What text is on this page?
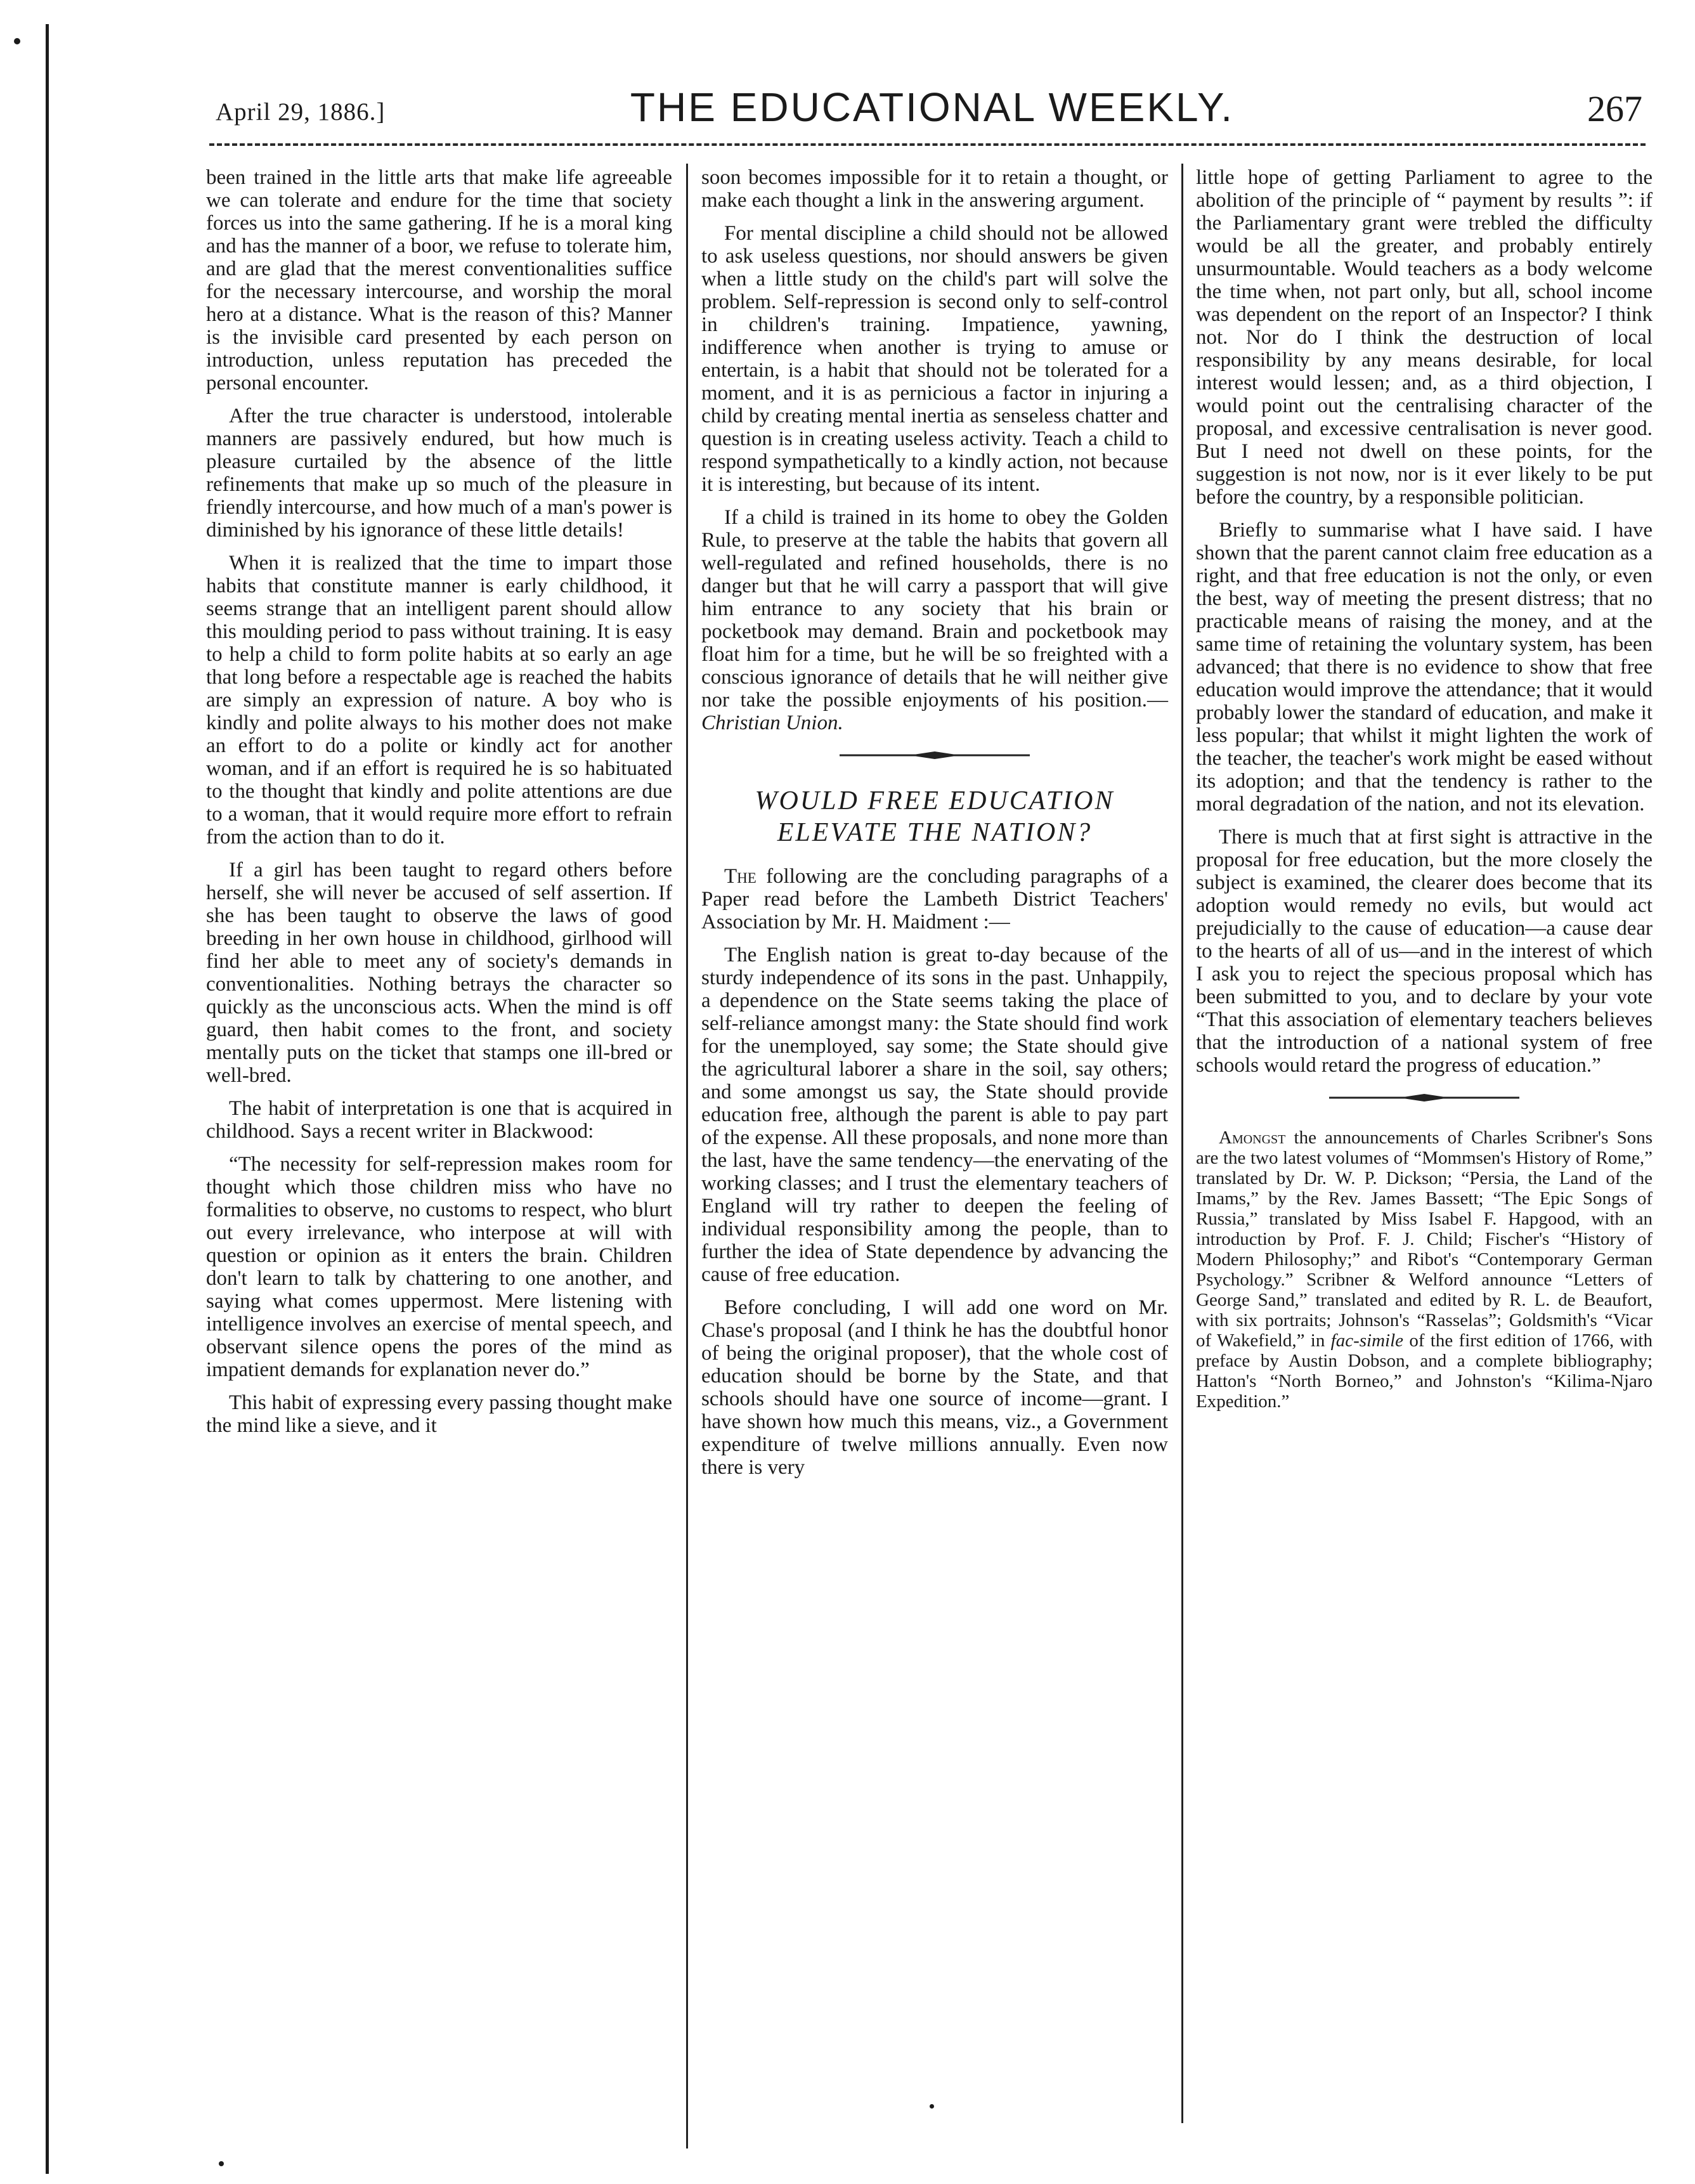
April 29, 1886.]	THE EDUCATIONAL WEEKLY.	267

been trained in the little arts that make life agreeable we can tolerate and endure for the time that society forces us into the same gathering. If he is a moral king and has the manner of a boor, we refuse to tolerate him, and are glad that the merest conventionalities suffice for the necessary intercourse, and worship the moral hero at a distance. What is the reason of this? Manner is the invisible card presented by each person on introduction, unless reputation has preceded the personal encounter.

After the true character is understood, intolerable manners are passively endured, but how much is pleasure curtailed by the absence of the little refinements that make up so much of the pleasure in friendly intercourse, and how much of a man's power is diminished by his ignorance of these little details!

When it is realized that the time to impart those habits that constitute manner is early childhood, it seems strange that an intelligent parent should allow this moulding period to pass without training. It is easy to help a child to form polite habits at so early an age that long before a respectable age is reached the habits are simply an expression of nature. A boy who is kindly and polite always to his mother does not make an effort to do a polite or kindly act for another woman, and if an effort is required he is so habituated to the thought that kindly and polite attentions are due to a woman, that it would require more effort to refrain from the action than to do it.

If a girl has been taught to regard others before herself, she will never be accused of self assertion. If she has been taught to observe the laws of good breeding in her own house in childhood, girlhood will find her able to meet any of society's demands in conventionalities. Nothing betrays the character so quickly as the unconscious acts. When the mind is off guard, then habit comes to the front, and society mentally puts on the ticket that stamps one ill-bred or well-bred.

The habit of interpretation is one that is acquired in childhood. Says a recent writer in Blackwood:

“The necessity for self-repression makes room for thought which those children miss who have no formalities to observe, no customs to respect, who blurt out every irrelevance, who interpose at will with question or opinion as it enters the brain. Children don't learn to talk by chattering to one another, and saying what comes uppermost. Mere listening with intelligence involves an exercise of mental speech, and observant silence opens the pores of the mind as impatient demands for explanation never do.”

This habit of expressing every passing thought make the mind like a sieve, and it

soon becomes impossible for it to retain a thought, or make each thought a link in the answering argument.

For mental discipline a child should not be allowed to ask useless questions, nor should answers be given when a little study on the child's part will solve the problem. Self-repression is second only to self-control in children's training. Impatience, yawning, indifference when another is trying to amuse or entertain, is a habit that should not be tolerated for a moment, and it is as pernicious a factor in injuring a child by creating mental inertia as senseless chatter and question is in creating useless activity. Teach a child to respond sympathetically to a kindly action, not because it is interesting, but because of its intent.

If a child is trained in its home to obey the Golden Rule, to preserve at the table the habits that govern all well-regulated and refined households, there is no danger but that he will carry a passport that will give him entrance to any society that his brain or pocketbook may demand. Brain and pocketbook may float him for a time, but he will be so freighted with a conscious ignorance of details that he will neither give nor take the possible enjoyments of his position.—Christian Union.

WOULD FREE EDUCATION
ELEVATE THE NATION?

The following are the concluding paragraphs of a Paper read before the Lambeth District Teachers' Association by Mr. H. Maidment :—

The English nation is great to-day because of the sturdy independence of its sons in the past. Unhappily, a dependence on the State seems taking the place of self-reliance amongst many: the State should find work for the unemployed, say some; the State should give the agricultural laborer a share in the soil, say others; and some amongst us say, the State should provide education free, although the parent is able to pay part of the expense. All these proposals, and none more than the last, have the same tendency—the enervating of the working classes; and I trust the elementary teachers of England will try rather to deepen the feeling of individual responsibility among the people, than to further the idea of State dependence by advancing the cause of free education.

Before concluding, I will add one word on Mr. Chase's proposal (and I think he has the doubtful honor of being the original proposer), that the whole cost of education should be borne by the State, and that schools should have one source of income—grant. I have shown how much this means, viz., a Government expenditure of twelve millions annually. Even now there is very

little hope of getting Parliament to agree to the abolition of the principle of “ payment by results ”: if the Parliamentary grant were trebled the difficulty would be all the greater, and probably entirely unsurmountable. Would teachers as a body welcome the time when, not part only, but all, school income was dependent on the report of an Inspector? I think not. Nor do I think the destruction of local responsibility by any means desirable, for local interest would lessen; and, as a third objection, I would point out the centralising character of the proposal, and excessive centralisation is never good. But I need not dwell on these points, for the suggestion is not now, nor is it ever likely to be put before the country, by a responsible politician.

Briefly to summarise what I have said. I have shown that the parent cannot claim free education as a right, and that free education is not the only, or even the best, way of meeting the present distress; that no practicable means of raising the money, and at the same time of retaining the voluntary system, has been advanced; that there is no evidence to show that free education would improve the attendance; that it would probably lower the standard of education, and make it less popular; that whilst it might lighten the work of the teacher, the teacher's work might be eased without its adoption; and that the tendency is rather to the moral degradation of the nation, and not its elevation.

There is much that at first sight is attractive in the proposal for free education, but the more closely the subject is examined, the clearer does become that its adoption would remedy no evils, but would act prejudicially to the cause of education—a cause dear to the hearts of all of us—and in the interest of which I ask you to reject the specious proposal which has been submitted to you, and to declare by your vote “That this association of elementary teachers believes that the introduction of a national system of free schools would retard the progress of education.”

Amongst the announcements of Charles Scribner's Sons are the two latest volumes of “Mommsen's History of Rome,” translated by Dr. W. P. Dickson; “Persia, the Land of the Imams,” by the Rev. James Bassett; “The Epic Songs of Russia,” translated by Miss Isabel F. Hapgood, with an introduction by Prof. F. J. Child; Fischer's “History of Modern Philosophy;” and Ribot's “Contemporary German Psychology.” Scribner & Welford announce “Letters of George Sand,” translated and edited by R. L. de Beaufort, with six portraits; Johnson's “Rasselas”; Goldsmith's “Vicar of Wakefield,” in fac-simile of the first edition of 1766, with preface by Austin Dobson, and a complete bibliography; Hatton's “North Borneo,” and Johnston's “Kilima-Njaro Expedition.”
